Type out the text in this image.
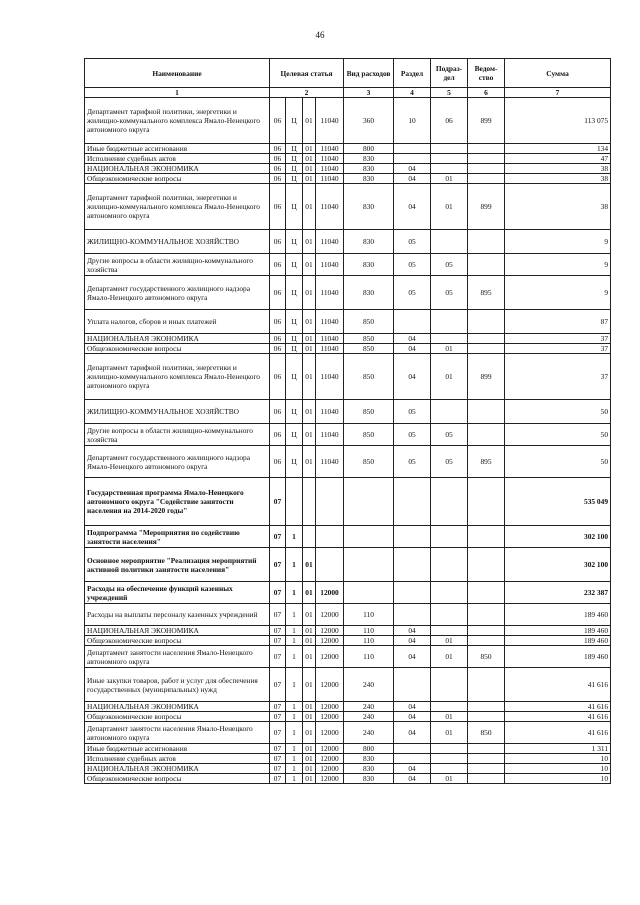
46
Наименование	Целевая статья				Вид расходов	Раздел	Подраз-дел	Ведом-ство	Сумма
1	2				3	4	5	6	7
Департамент тарифной политики, энергетики и жилищно-коммунального комплекса Ямало-Ненецкого автономного округа	06	Ц	01	11040	360	10	06	899	113 075
Иные бюджетные ассигнования	06	Ц	01	11040	800				134
Исполнение судебных актов	06	Ц	01	11040	830				47
НАЦИОНАЛЬНАЯ ЭКОНОМИКА	06	Ц	01	11040	830	04			38
Общеэкономические вопросы	06	Ц	01	11040	830	04	01		38
Департамент тарифной политики, энергетики и жилищно-коммунального комплекса Ямало-Ненецкого автономного округа	06	Ц	01	11040	830	04	01	899	38
ЖИЛИЩНО-КОММУНАЛЬНОЕ ХОЗЯЙСТВО	06	Ц	01	11040	830	05			9
Другие вопросы в области жилищно-коммунального хозяйства	06	Ц	01	11040	830	05	05		9
Департамент государственного жилищного надзора Ямало-Ненецкого автономного округа	06	Ц	01	11040	830	05	05	895	9
Уплата налогов, сборов и иных платежей	06	Ц	01	11040	850				87
НАЦИОНАЛЬНАЯ ЭКОНОМИКА	06	Ц	01	11040	850	04			37
Общеэкономические вопросы	06	Ц	01	11040	850	04	01		37
Департамент тарифной политики, энергетики и жилищно-коммунального комплекса Ямало-Ненецкого автономного округа	06	Ц	01	11040	850	04	01	899	37
ЖИЛИЩНО-КОММУНАЛЬНОЕ ХОЗЯЙСТВО	06	Ц	01	11040	850	05			50
Другие вопросы в области жилищно-коммунального хозяйства	06	Ц	01	11040	850	05	05		50
Департамент государственного жилищного надзора Ямало-Ненецкого автономного округа	06	Ц	01	11040	850	05	05	895	50
Государственная программа Ямало-Ненецкого автономного округа "Содействие занятости населения на 2014-2020 годы"	07								535 049
Подпрограмма "Мероприятия по содействию занятости населения"	07	1							302 100
Основное мероприятие "Реализация мероприятий активной политики занятости населения"	07	1	01						302 100
Расходы на обеспечение функций казенных учреждений	07	1	01	12000					232 387
Расходы на выплаты персоналу казенных учреждений	07	1	01	12000	110				189 460
НАЦИОНАЛЬНАЯ ЭКОНОМИКА	07	1	01	12000	110	04			189 460
Общеэкономические вопросы	07	1	01	12000	110	04	01		189 460
Департамент занятости населения Ямало-Ненецкого автономного округа	07	1	01	12000	110	04	01	850	189 460
Иные закупки товаров, работ и услуг для обеспечения государственных (муниципальных) нужд	07	1	01	12000	240				41 616
НАЦИОНАЛЬНАЯ ЭКОНОМИКА	07	1	01	12000	240	04			41 616
Общеэкономические вопросы	07	1	01	12000	240	04	01		41 616
Департамент занятости населения Ямало-Ненецкого автономного округа	07	1	01	12000	240	04	01	850	41 616
Иные бюджетные ассигнования	07	1	01	12000	800				1 311
Исполнение судебных актов	07	1	01	12000	830				10
НАЦИОНАЛЬНАЯ ЭКОНОМИКА	07	1	01	12000	830	04			10
Общеэкономические вопросы	07	1	01	12000	830	04	01		10
